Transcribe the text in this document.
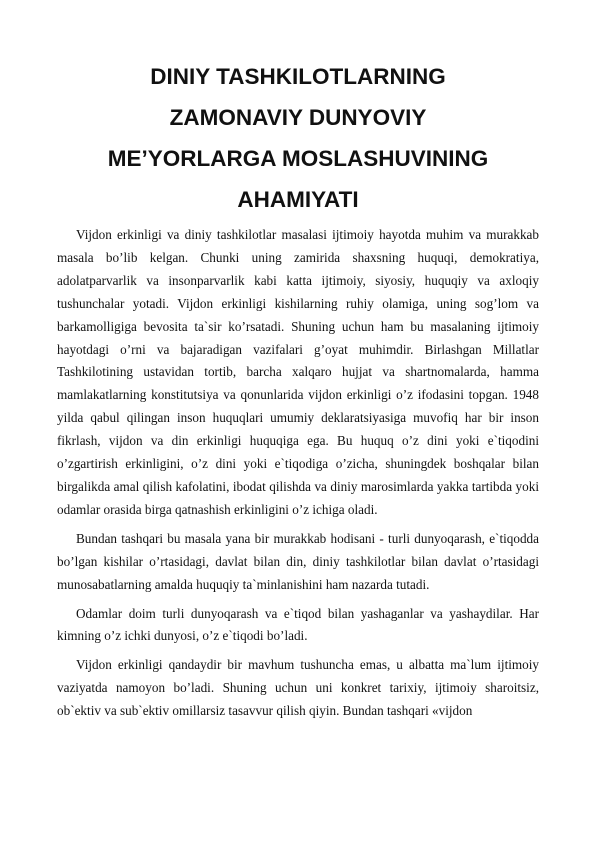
DINIY TASHKILOTLARNING
ZAMONAVIY DUNYOVIY
ME’YORLARGA MOSLASHUVINING
AHAMIYATI

Vijdon erkinligi va diniy tashkilotlar masalasi ijtimoiy hayotda muhim va murakkab masala bo’lib kelgan. Chunki uning zamirida shaxsning huquqi, demokratiya, adolatparvarlik va insonparvarlik kabi katta ijtimoiy, siyosiy, huquqiy va axloqiy tushunchalar yotadi. Vijdon erkinligi kishilarning ruhiy olamiga, uning sog’lom va barkamolligiga bevosita ta`sir ko’rsatadi. Shuning uchun ham bu masalaning ijtimoiy hayotdagi o’rni va bajaradigan vazifalari g’oyat muhimdir. Birlashgan Millatlar Tashkilotining ustavidan tortib, barcha xalqaro hujjat va shartnomalarda, hamma mamlakatlarning konstitutsiya va qonunlarida vijdon erkinligi o’z ifodasini topgan. 1948 yilda qabul qilingan inson huquqlari umumiy deklaratsiyasiga muvofiq har bir inson fikrlash, vijdon va din erkinligi huquqiga ega. Bu huquq o’z dini yoki e`tiqodini o’zgartirish erkinligini, o’z dini yoki e`tiqodiga o’zicha, shuningdek boshqalar bilan birgalikda amal qilish kafolatini, ibodat qilishda va diniy marosimlarda yakka tartibda yoki odamlar orasida birga qatnashish erkinligini o’z ichiga oladi.

Bundan tashqari bu masala yana bir murakkab hodisani - turli dunyoqarash, e`tiqodda bo’lgan kishilar o’rtasidagi, davlat bilan din, diniy tashkilotlar bilan davlat o’rtasidagi munosabatlarning amalda huquqiy ta`minlanishini ham nazarda tutadi.

Odamlar doim turli dunyoqarash va e`tiqod bilan yashaganlar va yashaydilar. Har kimning o’z ichki dunyosi, o’z e`tiqodi bo’ladi.

Vijdon erkinligi qandaydir bir mavhum tushuncha emas, u albatta ma`lum ijtimoiy vaziyatda namoyon bo’ladi. Shuning uchun uni konkret tarixiy, ijtimoiy sharoitsiz, ob`ektiv va sub`ektiv omillarsiz tasavvur qilish qiyin. Bundan tashqari «vijdon
